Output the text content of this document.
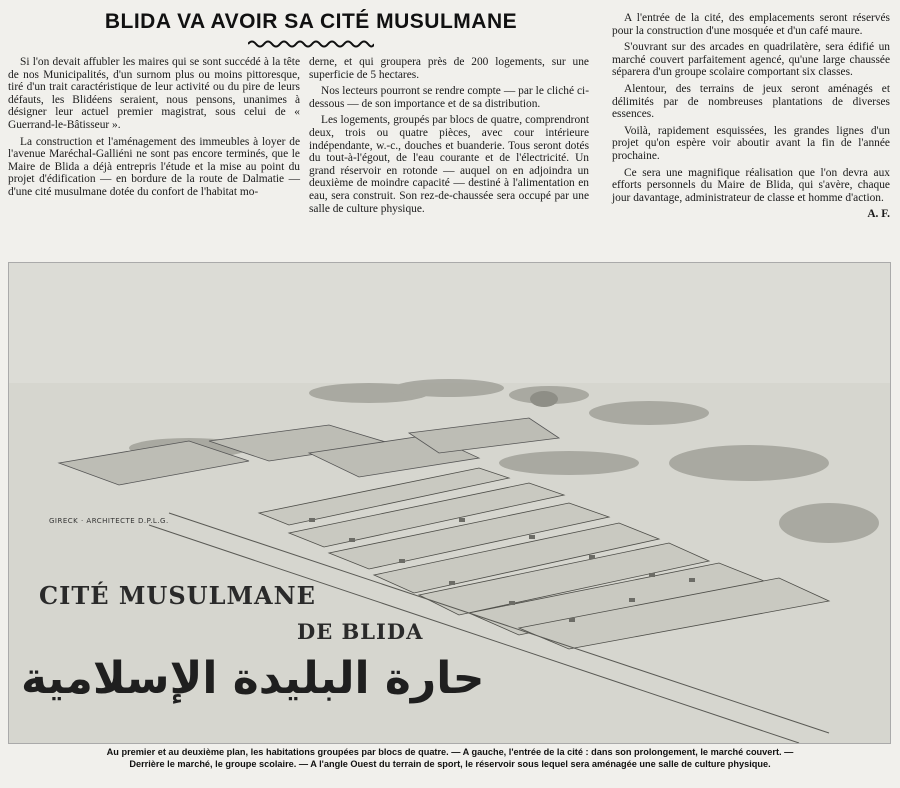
BLIDA VA AVOIR SA CITÉ MUSULMANE

Si l'on devait affubler les maires qui se sont succédé à la tête de nos Municipalités, d'un surnom plus ou moins pittoresque, tiré d'un trait caractéristique de leur activité ou du pire de leurs défauts, les Blidéens seraient, nous pensons, unanimes à désigner leur actuel premier magistrat, sous celui de « Guerrand-le-Bâtisseur ».

La construction et l'aménagement des immeubles à loyer de l'avenue Maréchal-Galliéni ne sont pas encore terminés, que le Maire de Blida a déjà entrepris l'étude et la mise au point du projet d'édification — en bordure de la route de Dalmatie — d'une cité musulmane dotée du confort de l'habitat mo-

derne, et qui groupera près de 200 logements, sur une superficie de 5 hectares.

Nos lecteurs pourront se rendre compte — par le cliché ci-dessous — de son importance et de sa distribution.

Les logements, groupés par blocs de quatre, comprendront deux, trois ou quatre pièces, avec cour intérieure indépendante, w.-c., douches et buanderie. Tous seront dotés du tout-à-l'égout, de l'eau courante et de l'électricité. Un grand réservoir en rotonde — auquel on en adjoindra un deuxième de moindre capacité — destiné à l'alimentation en eau, sera construit. Son rez-de-chaussée sera occupé par une salle de culture physique.

A l'entrée de la cité, des emplacements seront réservés pour la construction d'une mosquée et d'un café maure.

S'ouvrant sur des arcades en quadrilatère, sera édifié un marché couvert parfaitement agencé, qu'une large chaussée séparera d'un groupe scolaire comportant six classes.

Alentour, des terrains de jeux seront aménagés et délimités par de nombreuses plantations de diverses essences.

Voilà, rapidement esquissées, les grandes lignes d'un projet qu'on espère voir aboutir avant la fin de l'année prochaine.

Ce sera une magnifique réalisation que l'on devra aux efforts personnels du Maire de Blida, qui s'avère, chaque jour davantage, administrateur de classe et homme d'action.

A. F.
GIRECK · ARCHITECTE D.P.L.G.
CITÉ MUSULMANE
DE BLIDA
حارة البليدة الإسلامية
Au premier et au deuxième plan, les habitations groupées par blocs de quatre. — A gauche, l'entrée de la cité : dans son prolongement, le marché couvert. —
Derrière le marché, le groupe scolaire. — A l'angle Ouest du terrain de sport, le réservoir sous lequel sera aménagée une salle de culture physique.
